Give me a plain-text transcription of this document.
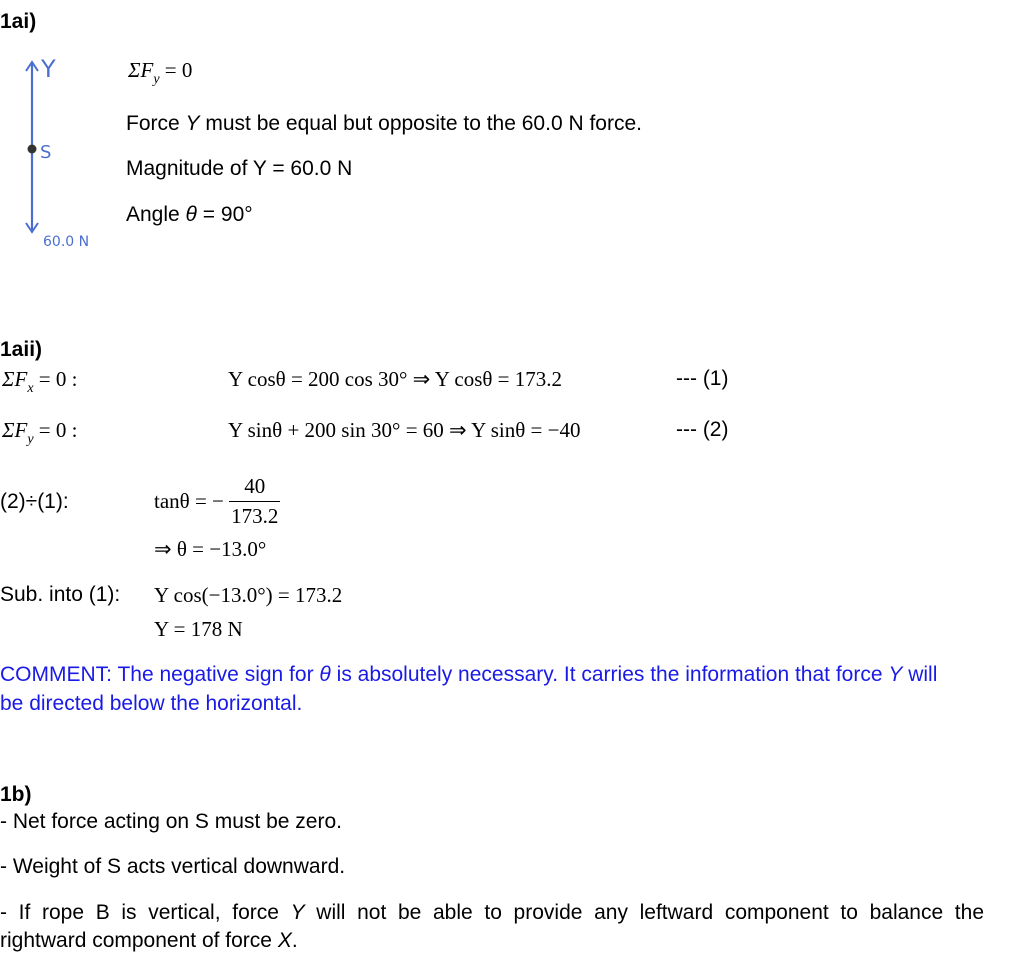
1ai)
Y
S
60.0 N
$\Sigma F_y = 0$
Force Y must be equal but opposite to the 60.0 N force.
Magnitude of Y = 60.0 N
Angle θ = 90°
1aii)
$\Sigma F_x = 0$ :	Y cosθ = 200 cos 30° ⇒ Y cosθ = 173.2	--- (1)
$\Sigma F_y = 0$ :	Y sinθ + 200 sin 30° = 60 ⇒ Y sinθ = −40	--- (2)
(2)÷(1):	tanθ = − $\frac{40}{173.2}$
⇒ θ = −13.0°
Sub. into (1): Y cos(−13.0°) = 173.2
Y = 178 N
COMMENT: The negative sign for θ is absolutely necessary. It carries the information that force Y will
be directed below the horizontal.
1b)
- Net force acting on S must be zero.
- Weight of S acts vertical downward.
-  If  rope  B  is  vertical,  force  Y  will  not  be  able  to  provide  any  leftward  component  to  balance  the
rightward component of force X.
